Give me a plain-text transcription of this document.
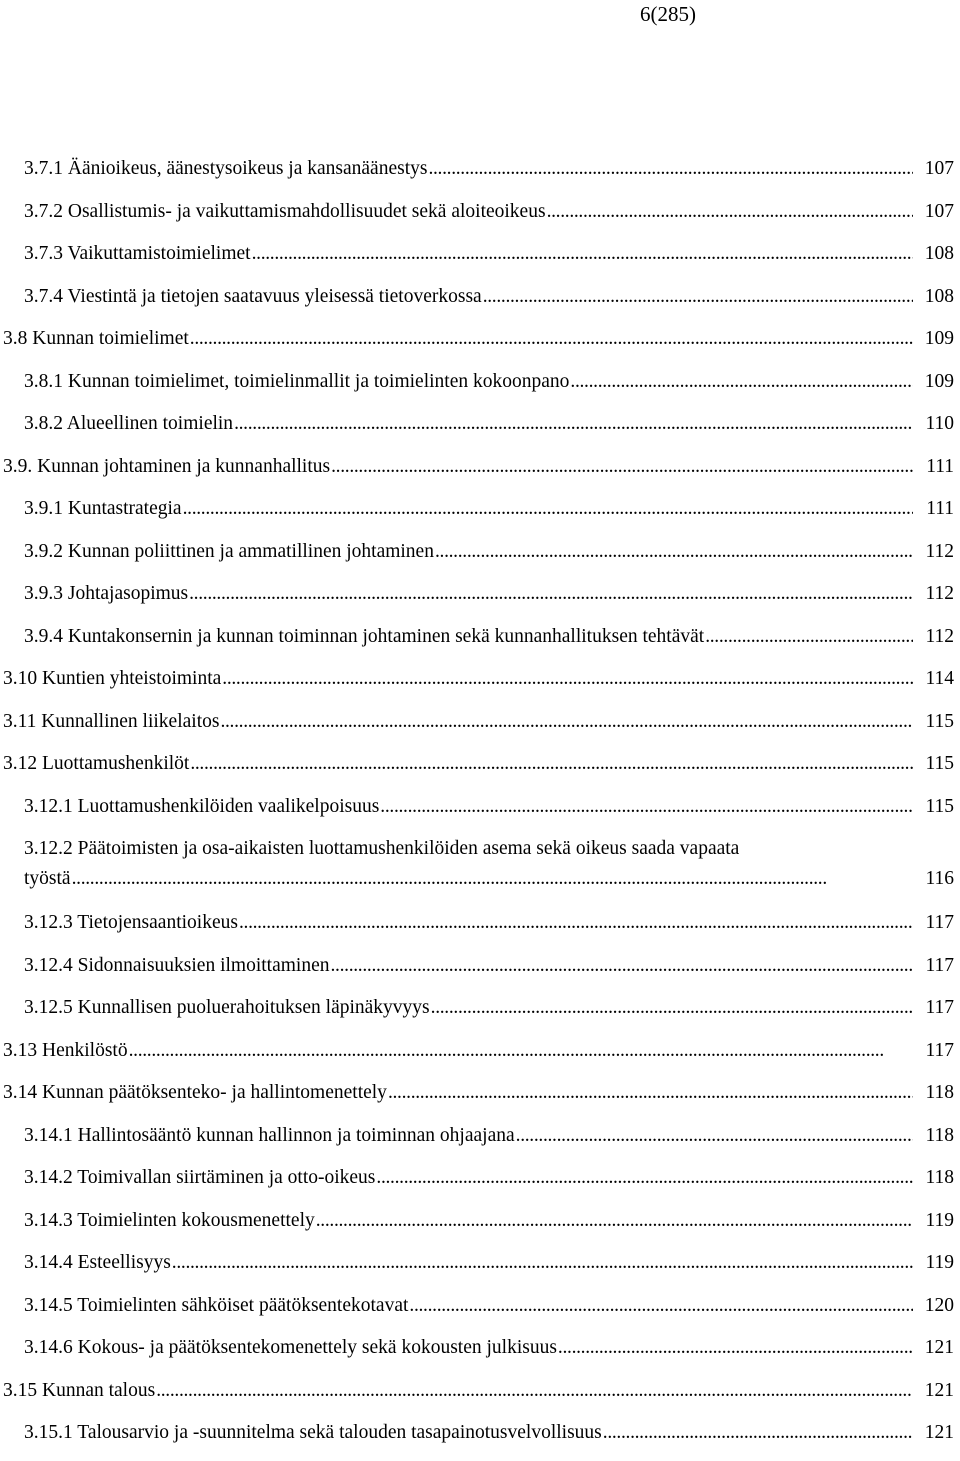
6(285)
3.7.1 Äänioikeus, äänestysoikeus ja kansanäänestys . . .	107
3.7.2 Osallistumis- ja vaikuttamismahdollisuudet sekä aloiteoikeus . . .	107
3.7.3 Vaikuttamistoimielimet . . .	108
3.7.4 Viestintä ja tietojen saatavuus yleisessä tietoverkossa . . .	108
3.8 Kunnan toimielimet . . .	109
3.8.1 Kunnan toimielimet, toimielinmallit ja toimielinten kokoonpano . . .	109
3.8.2 Alueellinen toimielin . . .	110
3.9. Kunnan johtaminen ja kunnanhallitus . . .	111
3.9.1 Kuntastrategia . . .	111
3.9.2 Kunnan poliittinen ja ammatillinen johtaminen . . .	112
3.9.3 Johtajasopimus . . .	112
3.9.4 Kuntakonsernin ja kunnan toiminnan johtaminen sekä kunnanhallituksen tehtävät . . .	112
3.10 Kuntien yhteistoiminta . . .	114
3.11 Kunnallinen liikelaitos . . .	115
3.12 Luottamushenkilöt . . .	115
3.12.1 Luottamushenkilöiden vaalikelpoisuus . . .	115
3.12.2 Päätoimisten ja osa-aikaisten luottamushenkilöiden asema sekä oikeus saada vapaata
työstä . . .	116
3.12.3 Tietojensaantioikeus . . .	117
3.12.4 Sidonnaisuuksien ilmoittaminen . . .	117
3.12.5 Kunnallisen puoluerahoituksen läpinäkyvyys . . .	117
3.13 Henkilöstö . . .	117
3.14 Kunnan päätöksenteko- ja hallintomenettely . . .	118
3.14.1 Hallintosääntö kunnan hallinnon ja toiminnan ohjaajana . . .	118
3.14.2 Toimivallan siirtäminen ja otto-oikeus . . .	118
3.14.3 Toimielinten kokousmenettely . . .	119
3.14.4 Esteellisyys . . .	119
3.14.5 Toimielinten sähköiset päätöksentekotavat . . .	120
3.14.6 Kokous- ja päätöksentekomenettely sekä kokousten julkisuus . . .	121
3.15 Kunnan talous . . .	121
3.15.1 Talousarvio ja -suunnitelma sekä talouden tasapainotusvelvollisuus . . .	121
